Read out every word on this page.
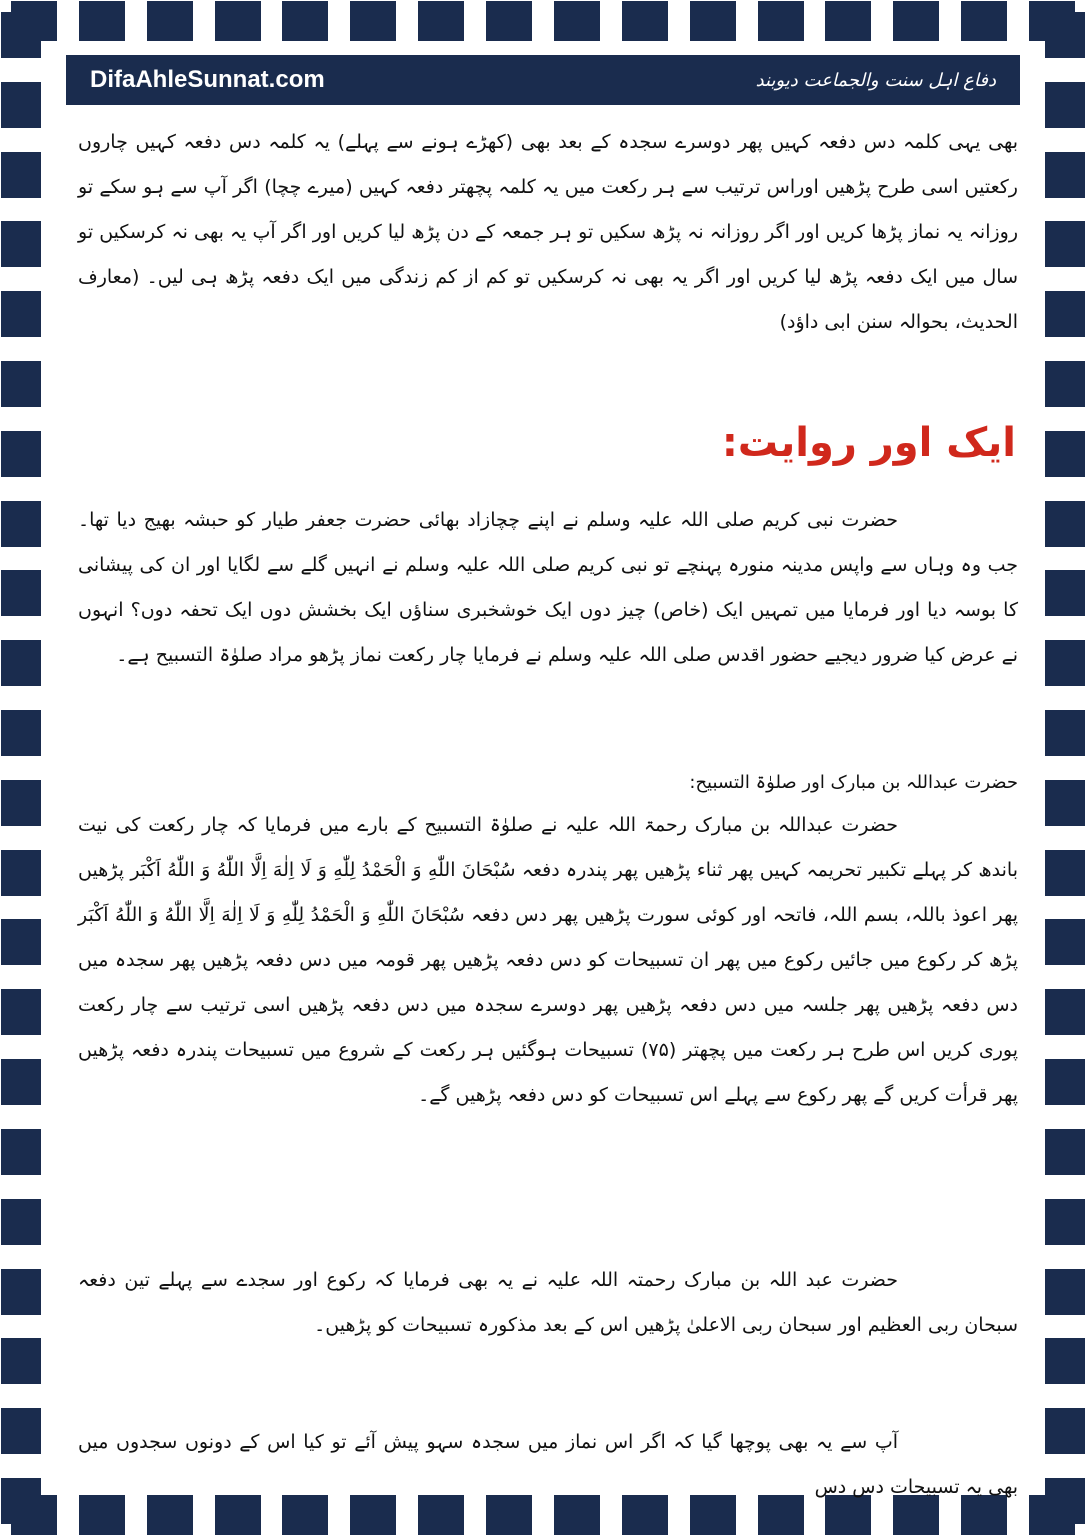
DifaAhleSunnat.com	دفاع اہل سنت والجماعت دیوبند

بھی یہی کلمہ دس دفعہ کہیں پھر دوسرے سجدہ کے بعد بھی (کھڑے ہونے سے پہلے) یہ کلمہ دس دفعہ کہیں چاروں رکعتیں اسی طرح پڑھیں اوراس ترتیب سے ہر رکعت میں یہ کلمہ پچھتر دفعہ کہیں (میرے چچا) اگر آپ سے ہو سکے تو روزانہ یہ نماز پڑھا کریں اور اگر روزانہ نہ پڑھ سکیں تو ہر جمعہ کے دن پڑھ لیا کریں اور اگر آپ یہ بھی نہ کرسکیں تو سال میں ایک دفعہ پڑھ لیا کریں اور اگر یہ بھی نہ کرسکیں تو کم از کم زندگی میں ایک دفعہ پڑھ ہی لیں۔ (معارف الحدیث، بحوالہ سنن ابی داؤد)

ایک اور روایت:

حضرت نبی کریم صلی اللہ علیہ وسلم نے اپنے چچازاد بھائی حضرت جعفر طیار کو حبشہ بھیج دیا تھا۔ جب وہ وہاں سے واپس مدینہ منورہ پہنچے تو نبی کریم صلی اللہ علیہ وسلم نے انہیں گلے سے لگایا اور ان کی پیشانی کا بوسہ دیا اور فرمایا میں تمہیں ایک (خاص) چیز دوں ایک خوشخبری سناؤں ایک بخشش دوں ایک تحفہ دوں؟ انہوں نے عرض کیا ضرور دیجیے حضور اقدس صلی اللہ علیہ وسلم نے فرمایا چار رکعت نماز پڑھو مراد صلوٰۃ التسبیح ہے۔

حضرت عبداللہ بن مبارک اور صلوٰۃ التسبیح:

حضرت عبداللہ بن مبارک رحمۃ اللہ علیہ نے صلوٰۃ التسبیح کے بارے میں فرمایا کہ چار رکعت کی نیت باندھ کر پہلے تکبیر تحریمہ کہیں پھر ثناء پڑھیں پھر پندرہ دفعہ سُبْحَانَ اللّٰهِ وَ الْحَمْدُ لِلّٰهِ وَ لَا اِلٰهَ اِلَّا اللّٰهُ وَ اللّٰهُ اَكْبَر پڑھیں پھر اعوذ باللہ، بسم اللہ، فاتحہ اور کوئی سورت پڑھیں پھر دس دفعہ سُبْحَانَ اللّٰهِ وَ الْحَمْدُ لِلّٰهِ وَ لَا اِلٰهَ اِلَّا اللّٰهُ وَ اللّٰهُ اَكْبَر پڑھ کر رکوع میں جائیں رکوع میں پھر ان تسبیحات کو دس دفعہ پڑھیں پھر قومہ میں دس دفعہ پڑھیں پھر سجدہ میں دس دفعہ پڑھیں پھر جلسہ میں دس دفعہ پڑھیں پھر دوسرے سجدہ میں دس دفعہ پڑھیں اسی ترتیب سے چار رکعت پوری کریں اس طرح ہر رکعت میں پچھتر (۷۵) تسبیحات ہوگئیں ہر رکعت کے شروع میں تسبیحات پندرہ دفعہ پڑھیں پھر قرأت کریں گے پھر رکوع سے پہلے اس تسبیحات کو دس دفعہ پڑھیں گے۔

حضرت عبد اللہ بن مبارک رحمتہ اللہ علیہ نے یہ بھی فرمایا کہ رکوع اور سجدے سے پہلے تین دفعہ سبحان ربی العظیم اور سبحان ربی الاعلیٰ پڑھیں اس کے بعد مذکورہ تسبیحات کو پڑھیں۔

آپ سے یہ بھی پوچھا گیا کہ اگر اس نماز میں سجدہ سہو پیش آئے تو کیا اس کے دونوں سجدوں میں بھی یہ تسبیحات دس دس
